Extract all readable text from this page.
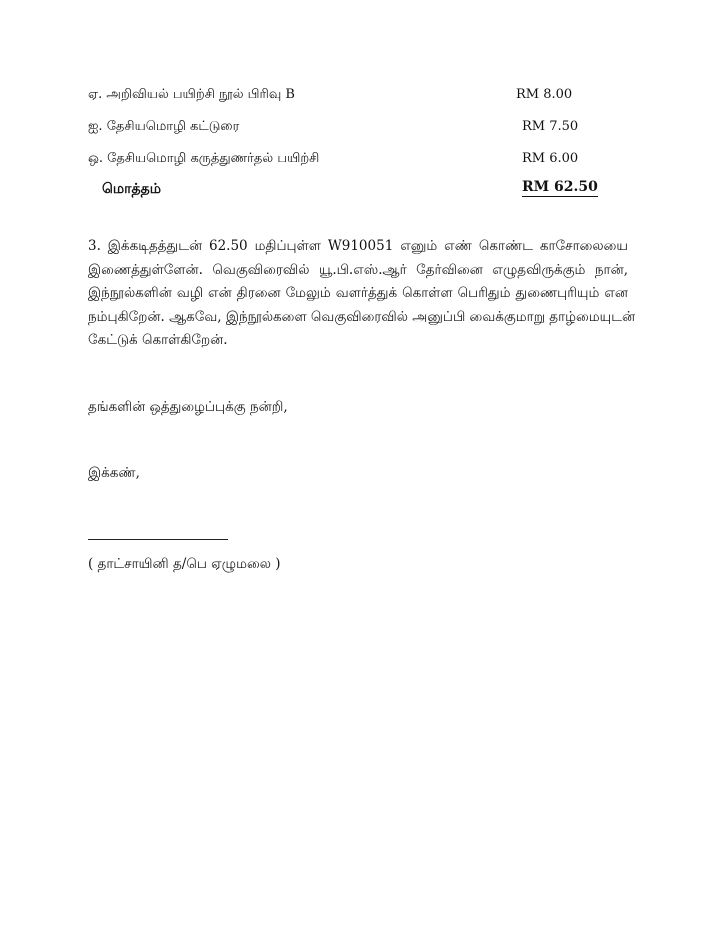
ஏ. அறிவியல் பயிற்சி நூல் பிரிவு B	RM 8.00
ஐ. தேசியமொழி கட்டுரை	RM 7.50
ஒ. தேசியமொழி கருத்துணர்தல் பயிற்சி	RM 6.00
மொத்தம்	RM 62.50
3. இக்கடிதத்துடன் 62.50 மதிப்புள்ள W910051 எனும் எண் கொண்ட காசோலையை
இணைத்துள்ளேன். வெகுவிரைவில் யூ.பி.எஸ்.ஆர் தேர்வினை எழுதவிருக்கும் நான்,
இந்நூல்களின் வழி என் திரனை மேலும் வளர்த்துக் கொள்ள பெரிதும் துணைபுரியும் என
நம்புகிறேன். ஆகவே, இந்நூல்களை வெகுவிரைவில் அனுப்பி வைக்குமாறு தாழ்மையுடன்
கேட்டுக் கொள்கிறேன்.
தங்களின் ஒத்துழைப்புக்கு நன்றி,
இக்கண்,
( தாட்சாயினி த/பெ ஏழுமலை )
